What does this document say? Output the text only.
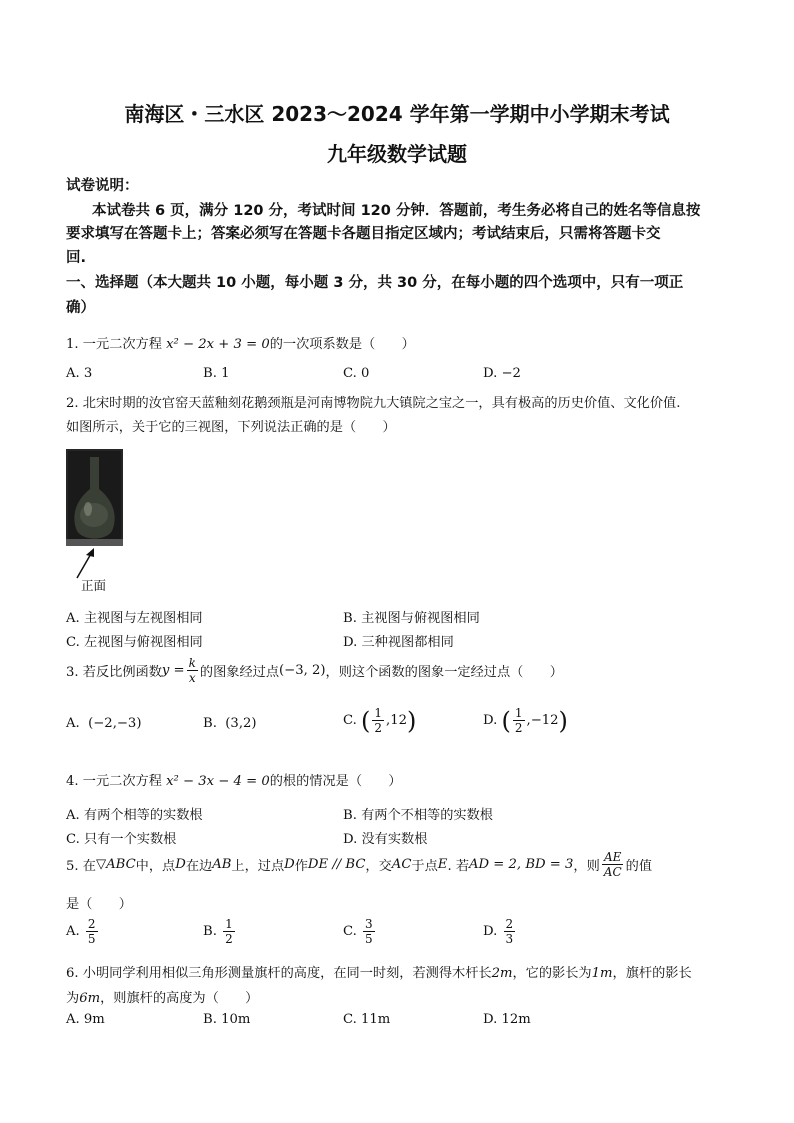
南海区・三水区 2023～2024 学年第一学期中小学期末考试
九年级数学试题
试卷说明：
本试卷共 6 页，满分 120 分，考试时间 120 分钟．答题前，考生务必将自己的姓名等信息按
要求填写在答题卡上；答案必须写在答题卡各题目指定区域内；考试结束后，只需将答题卡交
回.
一、选择题（本大题共 10 小题，每小题 3 分，共 30 分，在每小题的四个选项中，只有一项正
确）
1. 一元二次方程 x² − 2x + 3 = 0的一次项系数是（　　）
A. 3	B. 1	C. 0	D. −2
2. 北宋时期的汝官窑天蓝釉刻花鹅颈瓶是河南博物院九大镇院之宝之一，具有极高的历史价值、文化价值.
如图所示，关于它的三视图，下列说法正确的是（　　）
正面
A. 主视图与左视图相同	B. 主视图与俯视图相同
C. 左视图与俯视图相同	D. 三种视图都相同
3. 若反比例函数 $y = \frac{k}{x}$ 的图象经过点 (−3, 2) ，则这个函数的图象一定经过点（　　）
A. (−2,−3)	B. (3,2)	C.
( $\frac{1}{2} ,12$ )	D.
( $\frac{1}{2} ,-12$ )
4. 一元二次方程 x² − 3x − 4 = 0的根的情况是（　　）
A. 有两个相等的实数根	B. 有两个不相等的实数根
C. 只有一个实数根	D. 没有实数根
5. 在 ▽ABC 中，点 D 在边 AB 上，过点 D 作 DE // BC ，交 AC 于点 E . 若 AD = 2, BD = 3 ，则 $\frac{AE}{AC}$ 的值
是（　　）
A.
$\frac{2}{5}$	B.
$\frac{1}{2}$	C.
$\frac{3}{5}$	D.
$\frac{2}{3}$
6. 小明同学利用相似三角形测量旗杆的高度，在同一时刻，若测得木杆长2m，它的影长为1m，旗杆的影长
为6m，则旗杆的高度为（　　）
A. 9m	B. 10m	C. 11m	D. 12m
